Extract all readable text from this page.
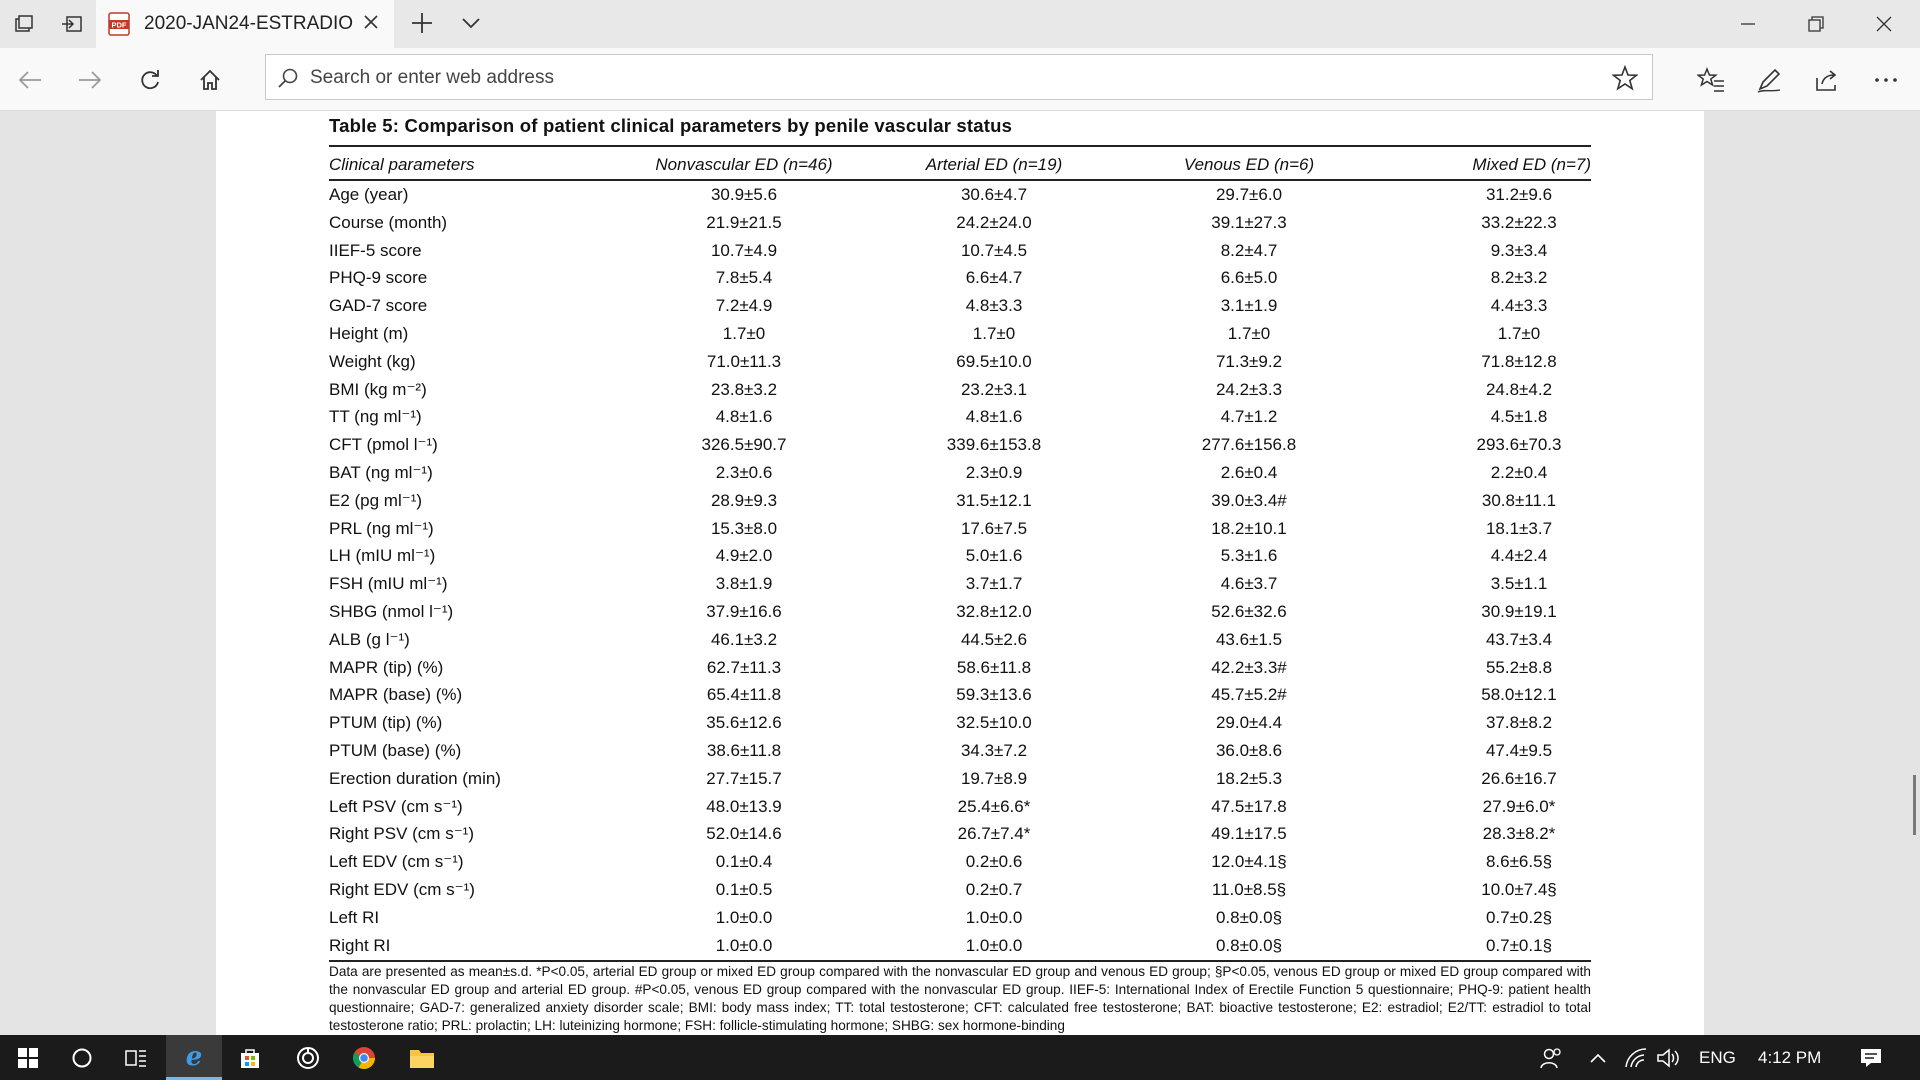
PDF 2020-JAN24-ESTRADIO
Search or enter web address
Table 5: Comparison of patient clinical parameters by penile vascular status
Clinical parameters	Nonvascular ED (n=46)	Arterial ED (n=19)	Venous ED (n=6)	Mixed ED (n=7)
Age (year)	30.9±5.6	30.6±4.7	29.7±6.0	31.2±9.6
Course (month)	21.9±21.5	24.2±24.0	39.1±27.3	33.2±22.3
IIEF-5 score	10.7±4.9	10.7±4.5	8.2±4.7	9.3±3.4
PHQ-9 score	7.8±5.4	6.6±4.7	6.6±5.0	8.2±3.2
GAD-7 score	7.2±4.9	4.8±3.3	3.1±1.9	4.4±3.3
Height (m)	1.7±0	1.7±0	1.7±0	1.7±0
Weight (kg)	71.0±11.3	69.5±10.0	71.3±9.2	71.8±12.8
BMI (kg m⁻²)	23.8±3.2	23.2±3.1	24.2±3.3	24.8±4.2
TT (ng ml⁻¹)	4.8±1.6	4.8±1.6	4.7±1.2	4.5±1.8
CFT (pmol l⁻¹)	326.5±90.7	339.6±153.8	277.6±156.8	293.6±70.3
BAT (ng ml⁻¹)	2.3±0.6	2.3±0.9	2.6±0.4	2.2±0.4
E2 (pg ml⁻¹)	28.9±9.3	31.5±12.1	39.0±3.4#	30.8±11.1
PRL (ng ml⁻¹)	15.3±8.0	17.6±7.5	18.2±10.1	18.1±3.7
LH (mIU ml⁻¹)	4.9±2.0	5.0±1.6	5.3±1.6	4.4±2.4
FSH (mIU ml⁻¹)	3.8±1.9	3.7±1.7	4.6±3.7	3.5±1.1
SHBG (nmol l⁻¹)	37.9±16.6	32.8±12.0	52.6±32.6	30.9±19.1
ALB (g l⁻¹)	46.1±3.2	44.5±2.6	43.6±1.5	43.7±3.4
MAPR (tip) (%)	62.7±11.3	58.6±11.8	42.2±3.3#	55.2±8.8
MAPR (base) (%)	65.4±11.8	59.3±13.6	45.7±5.2#	58.0±12.1
PTUM (tip) (%)	35.6±12.6	32.5±10.0	29.0±4.4	37.8±8.2
PTUM (base) (%)	38.6±11.8	34.3±7.2	36.0±8.6	47.4±9.5
Erection duration (min)	27.7±15.7	19.7±8.9	18.2±5.3	26.6±16.7
Left PSV (cm s⁻¹)	48.0±13.9	25.4±6.6*	47.5±17.8	27.9±6.0*
Right PSV (cm s⁻¹)	52.0±14.6	26.7±7.4*	49.1±17.5	28.3±8.2*
Left EDV (cm s⁻¹)	0.1±0.4	0.2±0.6	12.0±4.1§	8.6±6.5§
Right EDV (cm s⁻¹)	0.1±0.5	0.2±0.7	11.0±8.5§	10.0±7.4§
Left RI	1.0±0.0	1.0±0.0	0.8±0.0§	0.7±0.2§
Right RI	1.0±0.0	1.0±0.0	0.8±0.0§	0.7±0.1§
Data are presented as mean±s.d. *P<0.05, arterial ED group or mixed ED group compared with the nonvascular ED group and venous ED group; §P<0.05, venous ED group or mixed ED group compared with the nonvascular ED group and arterial ED group. #P<0.05, venous ED group compared with the nonvascular ED group. IIEF-5: International Index of Erectile Function 5 questionnaire; PHQ-9: patient health questionnaire; GAD-7: generalized anxiety disorder scale; BMI: body mass index; TT: total testosterone; CFT: calculated free testosterone; BAT: bioactive testosterone; E2: estradiol; E2/TT: estradiol to total testosterone ratio; PRL: prolactin; LH: luteinizing hormone; FSH: follicle-stimulating hormone; SHBG: sex hormone-binding
e	ENG 4:12 PM
